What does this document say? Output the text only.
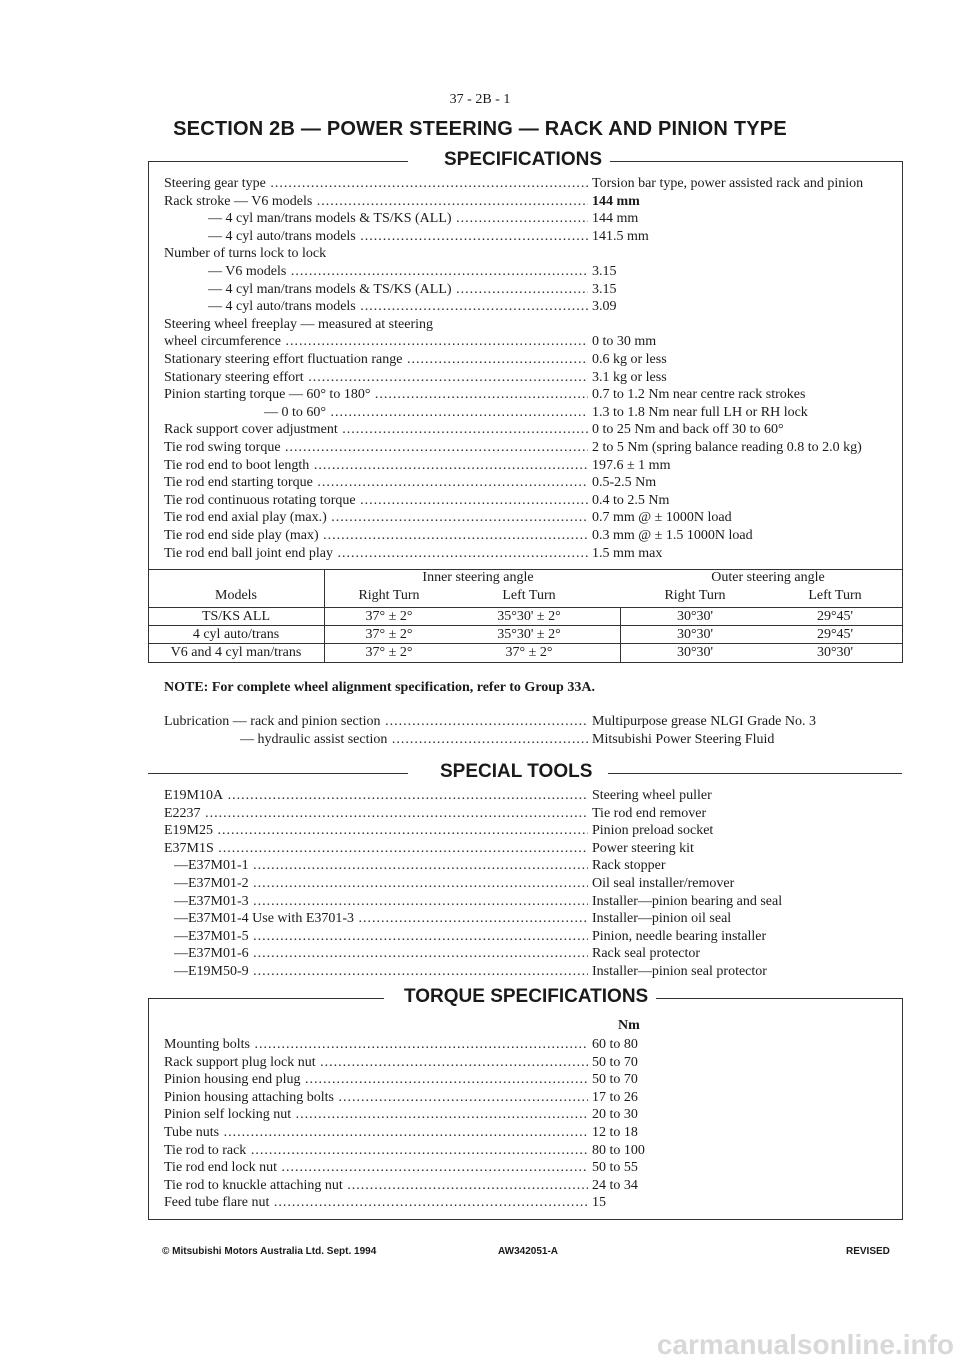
37 - 2B - 1
SECTION 2B — POWER STEERING — RACK AND PINION TYPE
SPECIFICATIONS
Steering gear type .....	Torsion bar type, power assisted rack and pinion
Rack stroke — V6 models .....	144 mm
— 4 cyl man/trans models & TS/KS (ALL) .....	144 mm
— 4 cyl auto/trans models .....	141.5 mm
Number of turns lock to lock
— V6 models .....	3.15
— 4 cyl man/trans models & TS/KS (ALL) .....	3.15
— 4 cyl auto/trans models .....	3.09
Steering wheel freeplay — measured at steering
wheel circumference .....	0 to 30 mm
Stationary steering effort fluctuation range .....	0.6 kg or less
Stationary steering effort .....	3.1 kg or less
Pinion starting torque — 60° to 180° .....	0.7 to 1.2 Nm near centre rack strokes
— 0 to 60° .....	1.3 to 1.8 Nm near full LH or RH lock
Rack support cover adjustment .....	0 to 25 Nm and back off 30 to 60°
Tie rod swing torque .....	2 to 5 Nm (spring balance reading 0.8 to 2.0 kg)
Tie rod end to boot length .....	197.6 ± 1 mm
Tie rod end starting torque .....	0.5-2.5 Nm
Tie rod continuous rotating torque .....	0.4 to 2.5 Nm
Tie rod end axial play (max.) .....	0.7 mm @ ± 1000N load
Tie rod end side play (max) .....	0.3 mm @ ± 1.5 1000N load
Tie rod end ball joint end play .....	1.5 mm max
Inner steering angle	Outer steering angle
Models	Right Turn	Left Turn	Right Turn	Left Turn
TS/KS ALL	37° ± 2°	35°30' ± 2°	30°30'	29°45'
4 cyl auto/trans	37° ± 2°	35°30' ± 2°	30°30'	29°45'
V6 and 4 cyl man/trans	37° ± 2°	37° ± 2°	30°30'	30°30'
NOTE: For complete wheel alignment specification, refer to Group 33A.
Lubrication — rack and pinion section .....	Multipurpose grease NLGI Grade No. 3
— hydraulic assist section .....	Mitsubishi Power Steering Fluid
SPECIAL TOOLS
E19M10A .....	Steering wheel puller
E2237 .....	Tie rod end remover
E19M25 .....	Pinion preload socket
E37M1S .....	Power steering kit
—E37M01-1 .....	Rack stopper
—E37M01-2 .....	Oil seal installer/remover
—E37M01-3 .....	Installer—pinion bearing and seal
—E37M01-4 Use with E3701-3 .....	Installer—pinion oil seal
—E37M01-5 .....	Pinion, needle bearing installer
—E37M01-6 .....	Rack seal protector
—E19M50-9 .....	Installer—pinion seal protector
TORQUE SPECIFICATIONS
Nm
Mounting bolts .....	60 to 80
Rack support plug lock nut .....	50 to 70
Pinion housing end plug .....	50 to 70
Pinion housing attaching bolts .....	17 to 26
Pinion self locking nut .....	20 to 30
Tube nuts .....	12 to 18
Tie rod to rack .....	80 to 100
Tie rod end lock nut .....	50 to 55
Tie rod to knuckle attaching nut .....	24 to 34
Feed tube flare nut .....	15
© Mitsubishi Motors Australia Ltd. Sept. 1994	AW342051-A	REVISED
carmanualsonline.info
